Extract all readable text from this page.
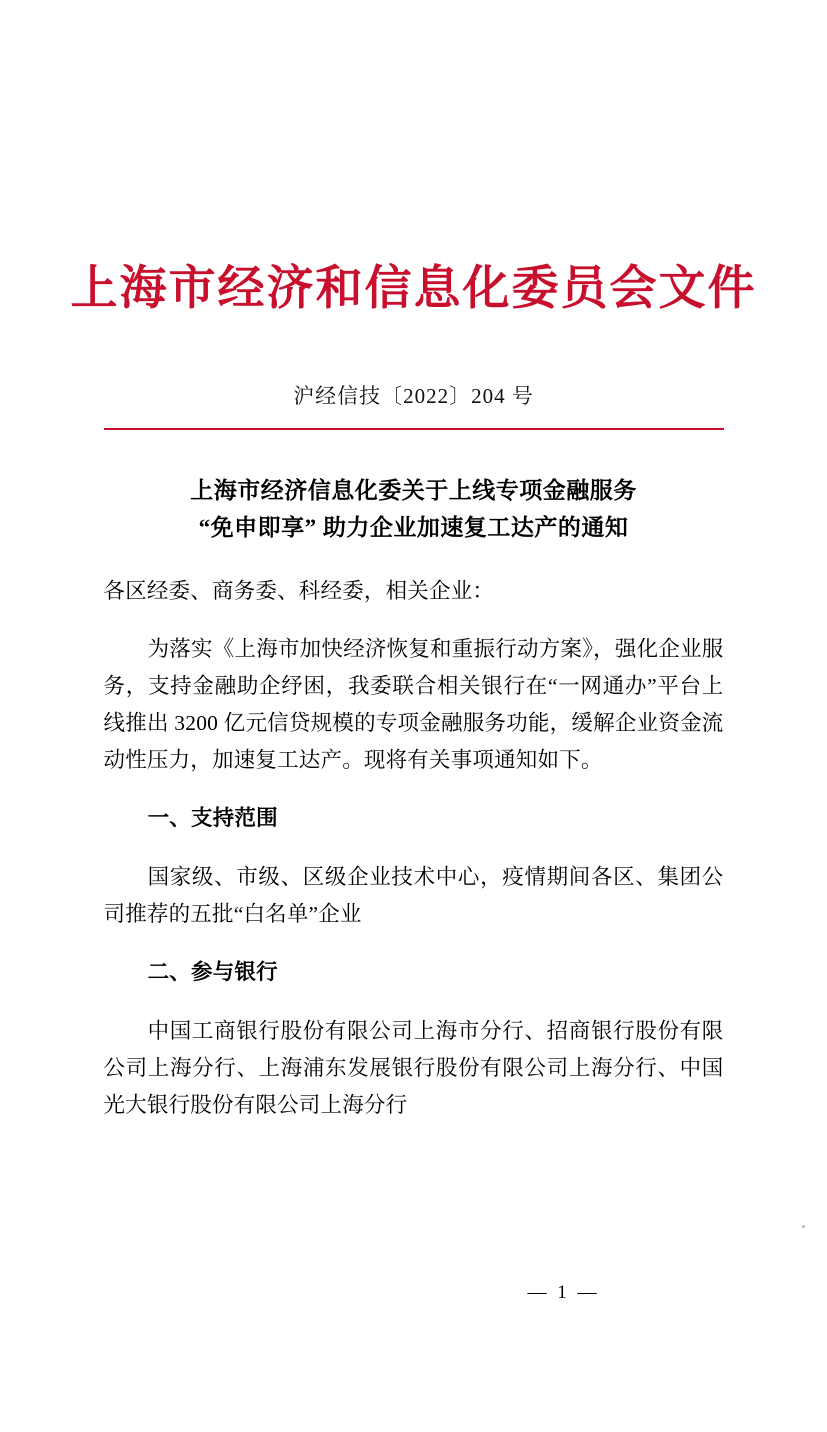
上海市经济和信息化委员会文件
沪经信技〔2022〕204 号
上海市经济信息化委关于上线专项金融服务
“免申即享” 助力企业加速复工达产的通知

各区经委、商务委、科经委，相关企业：

为落实《上海市加快经济恢复和重振行动方案》，强化企业服务，支持金融助企纾困，我委联合相关银行在“一网通办”平台上线推出 3200 亿元信贷规模的专项金融服务功能，缓解企业资金流动性压力，加速复工达产。现将有关事项通知如下。

一、支持范围

国家级、市级、区级企业技术中心，疫情期间各区、集团公司推荐的五批“白名单”企业

二、参与银行

中国工商银行股份有限公司上海市分行、招商银行股份有限公司上海分行、上海浦东发展银行股份有限公司上海分行、中国光大银行股份有限公司上海分行

— 1 —
